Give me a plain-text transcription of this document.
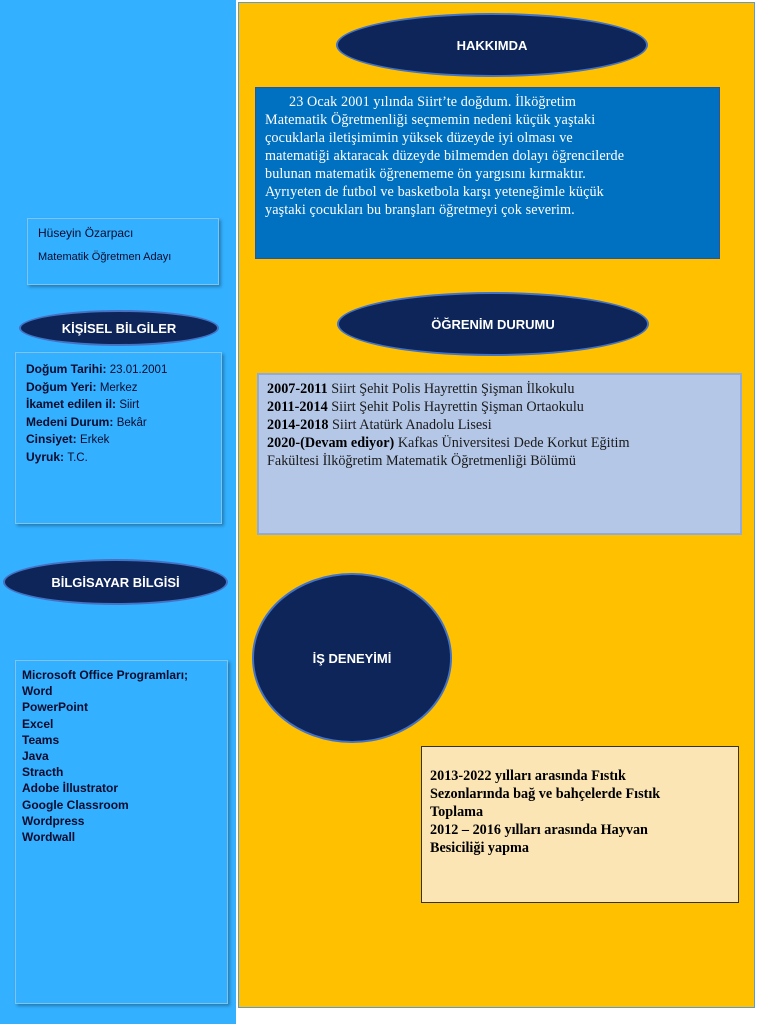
Hüseyin Özarpacı
Matematik Öğretmen Adayı
KİŞİSEL BİLGİLER
Doğum Tarihi: 23.01.2001
Doğum Yeri: Merkez
İkamet edilen il: Siirt
Medeni Durum: Bekâr
Cinsiyet: Erkek
Uyruk: T.C.
BİLGİSAYAR BİLGİSİ
Microsoft Office Programları;
Word
PowerPoint
Excel
Teams
Java
Stracth
Adobe İllustrator
Google Classroom
Wordpress
Wordwall
HAKKIMDA
23 Ocak 2001 yılında Siirt’te doğdum. İlköğretim
Matematik Öğretmenliği seçmemin nedeni küçük yaştaki
çocuklarla iletişimimin yüksek düzeyde iyi olması ve
matematiği aktaracak düzeyde bilmemden dolayı öğrencilerde
bulunan matematik öğrenememe ön yargısını kırmaktır.
Ayrıyeten de futbol ve basketbola karşı yeteneğimle küçük
yaştaki çocukları bu branşları öğretmeyi çok severim.
ÖĞRENİM DURUMU
2007-2011 Siirt Şehit Polis Hayrettin Şişman İlkokulu
2011-2014 Siirt Şehit Polis Hayrettin Şişman Ortaokulu
2014-2018 Siirt Atatürk Anadolu Lisesi
2020-(Devam ediyor) Kafkas Üniversitesi Dede Korkut Eğitim
Fakültesi İlköğretim Matematik Öğretmenliği Bölümü
İŞ DENEYİMİ
2013-2022 yılları arasında Fıstık
Sezonlarında bağ ve bahçelerde Fıstık
Toplama
2012 – 2016 yılları arasında Hayvan
Besiciliği yapma
